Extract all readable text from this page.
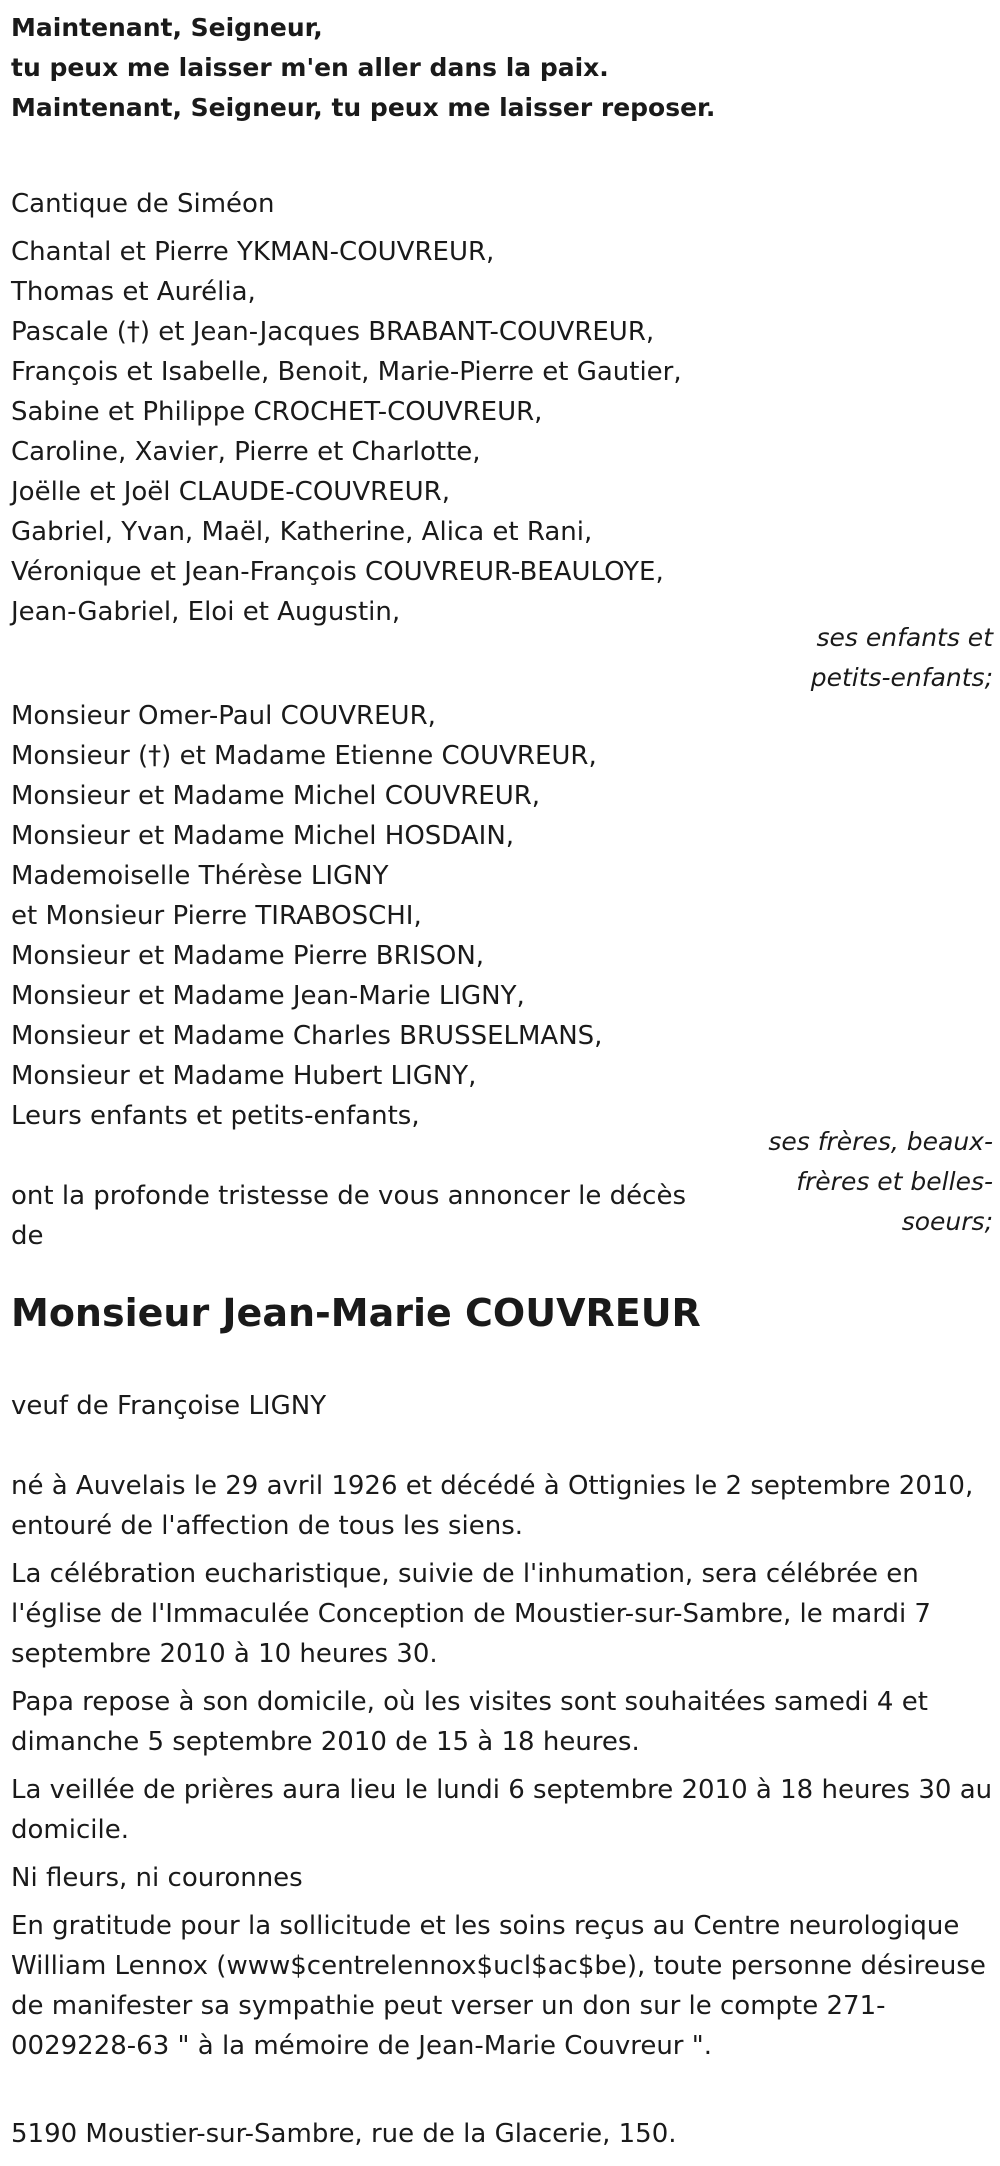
Maintenant, Seigneur,
tu peux me laisser m'en aller dans la paix.
Maintenant, Seigneur, tu peux me laisser reposer.
Cantique de Siméon
Chantal et Pierre YKMAN-COUVREUR,
Thomas et Aurélia,
Pascale (†) et Jean-Jacques BRABANT-COUVREUR,
François et Isabelle, Benoit, Marie-Pierre et Gautier,
Sabine et Philippe CROCHET-COUVREUR,
Caroline, Xavier, Pierre et Charlotte,
Joëlle et Joël CLAUDE-COUVREUR,
Gabriel, Yvan, Maël, Katherine, Alica et Rani,
Véronique et Jean-François COUVREUR-BEAULOYE,
Jean-Gabriel, Eloi et Augustin,
ses enfants et
petits-enfants;
Monsieur Omer-Paul COUVREUR,
Monsieur (†) et Madame Etienne COUVREUR,
Monsieur et Madame Michel COUVREUR,
Monsieur et Madame Michel HOSDAIN,
Mademoiselle Thérèse LIGNY
et Monsieur Pierre TIRABOSCHI,
Monsieur et Madame Pierre BRISON,
Monsieur et Madame Jean-Marie LIGNY,
Monsieur et Madame Charles BRUSSELMANS,
Monsieur et Madame Hubert LIGNY,
Leurs enfants et petits-enfants,
ses frères, beaux-
frères et belles-
soeurs;
ont la profonde tristesse de vous annoncer le décès
de
Monsieur Jean-Marie COUVREUR
veuf de Françoise LIGNY
né à Auvelais le 29 avril 1926 et décédé à Ottignies le 2 septembre 2010, entouré de l'affection de tous les siens.
La célébration eucharistique, suivie de l'inhumation, sera célébrée en l'église de l'Immaculée Conception de Moustier-sur-Sambre, le mardi 7 septembre 2010 à 10 heures 30.
Papa repose à son domicile, où les visites sont souhaitées samedi 4 et dimanche 5 septembre 2010 de 15 à 18 heures.
La veillée de prières aura lieu le lundi 6 septembre 2010 à 18 heures 30 au domicile.
Ni fleurs, ni couronnes
En gratitude pour la sollicitude et les soins reçus au Centre neurologique William Lennox (www$centrelennox$ucl$ac$be), toute personne désireuse de manifester sa sympathie peut verser un don sur le compte 271-0029228-63 " à la mémoire de Jean-Marie Couvreur ".
5190 Moustier-sur-Sambre, rue de la Glacerie, 150.
